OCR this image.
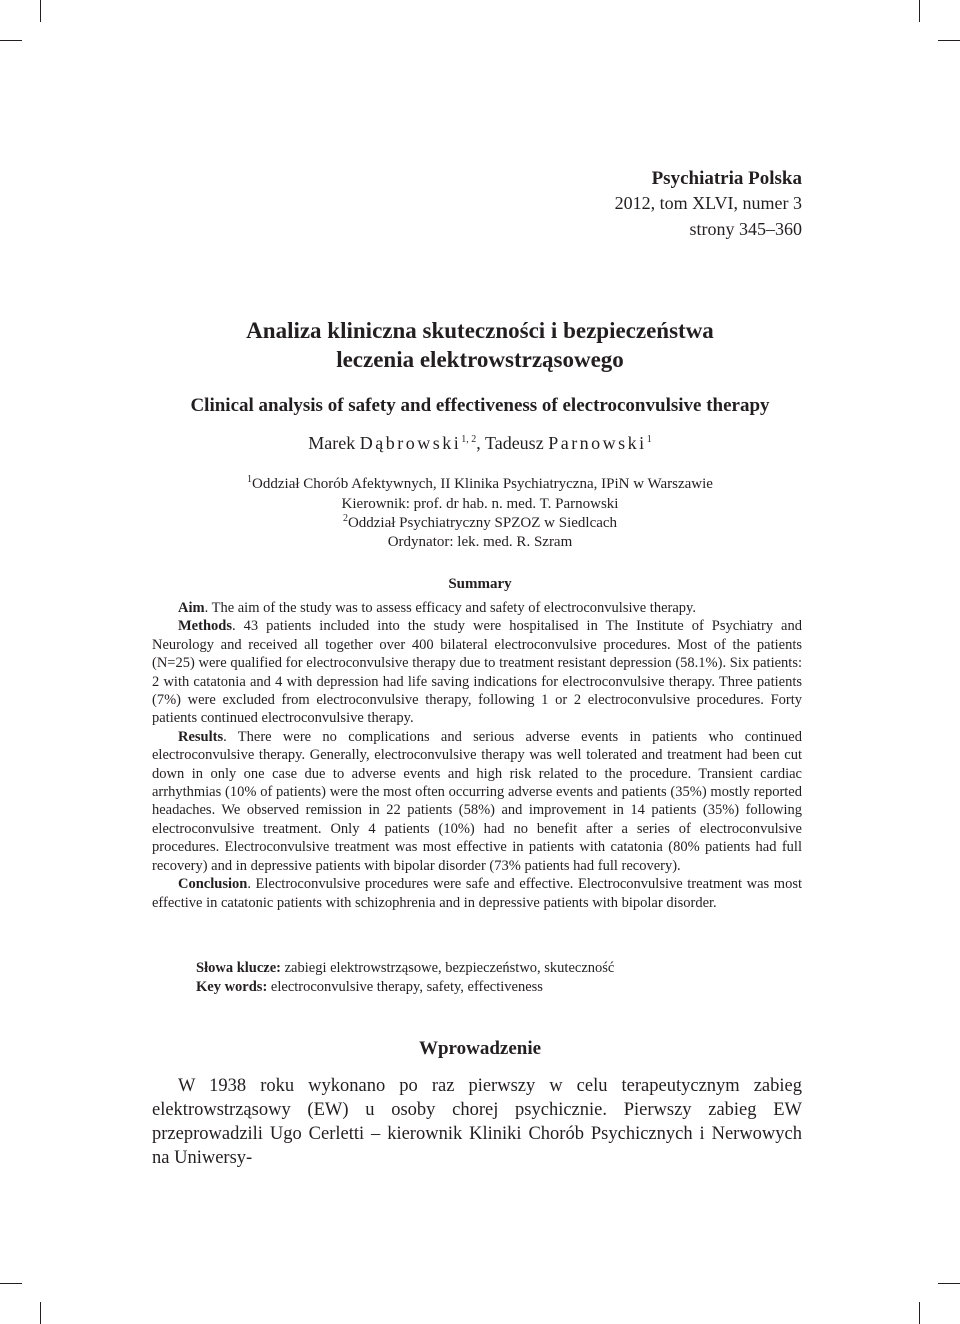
Psychiatria Polska
2012, tom XLVI, numer 3
strony 345–360
Analiza kliniczna skuteczności i bezpieczeństwa
leczenia elektrowstrząsowego
Clinical analysis of safety and effectiveness of electroconvulsive therapy
Marek Dąbrowski$^{1, 2}$, Tadeusz Parnowski$^1$
$^1$Oddział Chorób Afektywnych, II Klinika Psychiatryczna, IPiN w Warszawie
Kierownik: prof. dr hab. n. med. T. Parnowski
$^2$Oddział Psychiatryczny SPZOZ w Siedlcach
Ordynator: lek. med. R. Szram
Summary

Aim. The aim of the study was to assess efficacy and safety of electroconvulsive therapy.

Methods. 43 patients included into the study were hospitalised in The Institute of Psychiatry and Neurology and received all together over 400 bilateral electroconvulsive procedures. Most of the patients (N=25) were qualified for electroconvulsive therapy due to treatment resistant depression (58.1%). Six patients: 2 with catatonia and 4 with depression had life saving indications for electroconvulsive therapy. Three patients (7%) were excluded from electroconvulsive therapy, following 1 or 2 electroconvulsive procedures. Forty patients continued electroconvulsive therapy.

Results. There were no complications and serious adverse events in patients who continued electroconvulsive therapy. Generally, electroconvulsive therapy was well tolerated and treatment had been cut down in only one case due to adverse events and high risk related to the procedure. Transient cardiac arrhythmias (10% of patients) were the most often occurring adverse events and patients (35%) mostly reported headaches. We observed remission in 22 patients (58%) and improvement in 14 patients (35%) following electroconvulsive treatment. Only 4 patients (10%) had no benefit after a series of electroconvulsive procedures. Electroconvulsive treatment was most effective in patients with catatonia (80% patients had full recovery) and in depressive patients with bipolar disorder (73% patients had full recovery).

Conclusion. Electroconvulsive procedures were safe and effective. Electroconvulsive treatment was most effective in catatonic patients with schizophrenia and in depressive patients with bipolar disorder.

Słowa klucze: zabiegi elektrowstrząsowe, bezpieczeństwo, skuteczność
Key words: electroconvulsive therapy, safety, effectiveness
Wprowadzenie

W 1938 roku wykonano po raz pierwszy w celu terapeutycznym zabieg elektrowstrząsowy (EW) u osoby chorej psychicznie. Pierwszy zabieg EW przeprowadzili Ugo Cerletti – kierownik Kliniki Chorób Psychicznych i Nerwowych na Uniwersy-
